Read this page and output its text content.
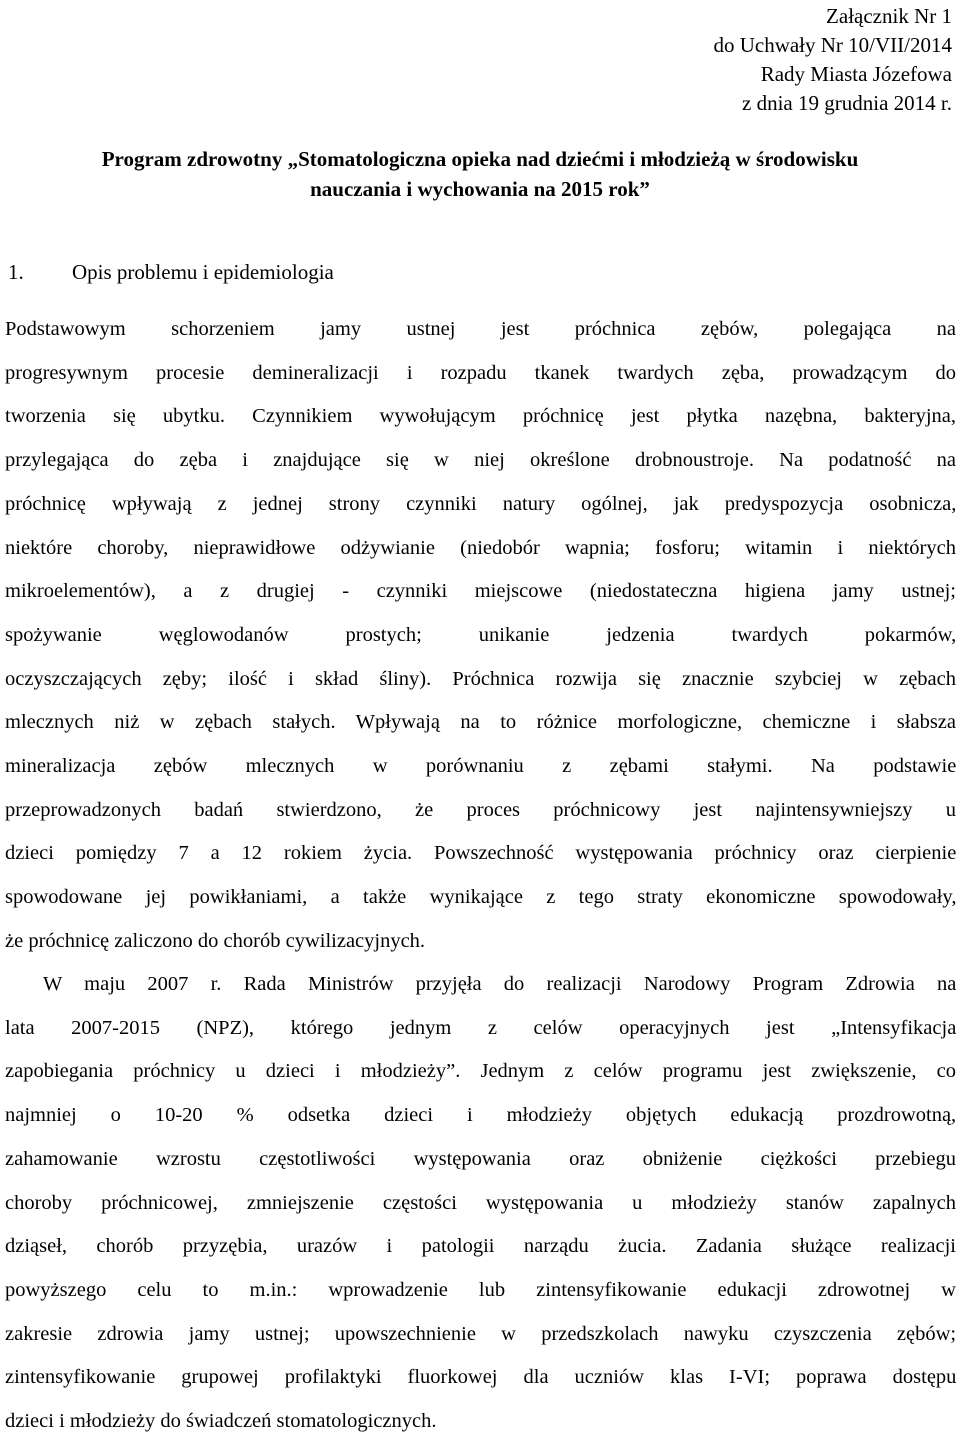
Załącznik Nr 1
do Uchwały Nr 10/VII/2014
Rady Miasta Józefowa
z dnia 19 grudnia 2014 r.
Program zdrowotny „Stomatologiczna opieka nad dziećmi i młodzieżą w środowisku
nauczania i wychowania na 2015 rok”
1. Opis problemu i epidemiologia
Podstawowym schorzeniem jamy ustnej jest próchnica zębów, polegająca na
progresywnym procesie demineralizacji i rozpadu tkanek twardych zęba, prowadzącym do
tworzenia się ubytku. Czynnikiem wywołującym próchnicę jest płytka nazębna, bakteryjna,
przylegająca do zęba i znajdujące się w niej określone drobnoustroje. Na podatność na
próchnicę wpływają z jednej strony czynniki natury ogólnej, jak predyspozycja osobnicza,
niektóre choroby, nieprawidłowe odżywianie (niedobór wapnia; fosforu; witamin i niektórych
mikroelementów), a z drugiej - czynniki miejscowe (niedostateczna higiena jamy ustnej;
spożywanie węglowodanów prostych; unikanie jedzenia twardych pokarmów,
oczyszczających zęby; ilość i skład śliny). Próchnica rozwija się znacznie szybciej w zębach
mlecznych niż w zębach stałych. Wpływają na to różnice morfologiczne, chemiczne i słabsza
mineralizacja zębów mlecznych w porównaniu z zębami stałymi. Na podstawie
przeprowadzonych badań stwierdzono, że proces próchnicowy jest najintensywniejszy u
dzieci pomiędzy 7 a 12 rokiem życia. Powszechność występowania próchnicy oraz cierpienie
spowodowane jej powikłaniami, a także wynikające z tego straty ekonomiczne spowodowały,
że próchnicę zaliczono do chorób cywilizacyjnych.
W maju 2007 r. Rada Ministrów przyjęła do realizacji Narodowy Program Zdrowia na
lata 2007-2015 (NPZ), którego jednym z celów operacyjnych jest „Intensyfikacja
zapobiegania próchnicy u dzieci i młodzieży”. Jednym z celów programu jest zwiększenie, co
najmniej o 10-20 % odsetka dzieci i młodzieży objętych edukacją prozdrowotną,
zahamowanie wzrostu częstotliwości występowania oraz obniżenie ciężkości przebiegu
choroby próchnicowej, zmniejszenie częstości występowania u młodzieży stanów zapalnych
dziąseł, chorób przyzębia, urazów i patologii narządu żucia. Zadania służące realizacji
powyższego celu to m.in.: wprowadzenie lub zintensyfikowanie edukacji zdrowotnej w
zakresie zdrowia jamy ustnej; upowszechnienie w przedszkolach nawyku czyszczenia zębów;
zintensyfikowanie grupowej profilaktyki fluorkowej dla uczniów klas I-VI; poprawa dostępu
dzieci i młodzieży do świadczeń stomatologicznych.
